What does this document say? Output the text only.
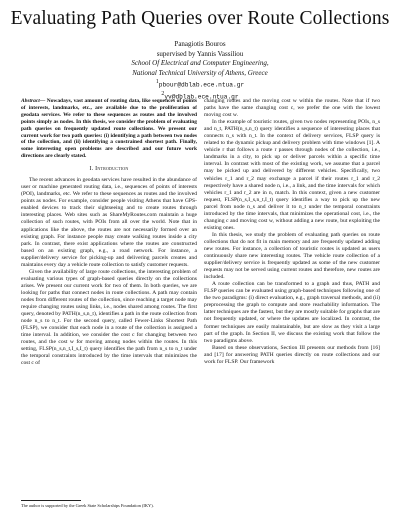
Evaluating Path Queries over Route Collections
Panagiotis Bouros
supervised by Yannis Vassiliou
School Of Electrical and Computer Engineering,
National Technical University of Athens, Greece
$^1$pbour@dblab.ece.ntua.gr
$^2$yv@dblab.ece.ntua.gr

Abstract— Nowadays, vast amount of routing data, like sequences of points of interests, landmarks, etc., are available due to the proliferation of geodata services. We refer to these sequences as routes and the involved points simply as nodes. In this thesis, we consider the problem of evaluating path queries on frequently updated route collections. We present our current work for two path queries: (i) identifying a path between two nodes of the collection, and (ii) identifying a constrained shortest path. Finally, some interesting open problems are described and our future work directions are clearly stated.

I. Introduction

The recent advances in geodata services have resulted in the abundance of user or machine generated routing data, i.e., sequences of points of interests (POI), landmarks, etc. We refer to these sequences as routes and the involved points as nodes. For example, consider people visiting Athens that have GPS-enabled devices to track their sightseeing and to create routes through interesting places. Web sites such as ShareMyRoutes.com maintain a huge collection of such routes, with POIs from all over the world. Note that in applications like the above, the routes are not necessarily formed over an existing graph. For instance people may create walking routes inside a city park. In contrast, there exist applications where the routes are constructed based on an existing graph, e.g., a road network. For instance, a supplier/delivery service for picking-up and delivering parcels creates and maintains every day a vehicle route collection to satisfy customer requests.

Given the availability of large route collections, the interesting problem of evaluating various types of graph-based queries directly on the collections arises. We present our current work for two of them. In both queries, we are looking for paths that connect nodes in route collections. A path may contain nodes from different routes of the collection, since reaching a target node may require changing routes using links, i.e., nodes shared among routes. The first query, denoted by PATH(n_s,n_t), identifies a path in the route collection from node n_s to n_t. For the second query, called Fewer-Links Shortest Path (FLSP), we consider that each node in a route of the collection is assigned a time interval. In addition, we consider the cost c for changing between two routes, and the cost w for moving among nodes within the routes. In this setting, FLSP(n_s,n_t,I_s,I_t) query identifies the path from n_s to n_t under the temporal constraints introduced by the time intervals that minimizes the cost c of

changing routes and the moving cost w within the routes. Note that if two paths have the same changing cost c, we prefer the one with the lowest moving cost w.

In the example of touristic routes, given two nodes representing POIs, n_s and n_t, PATH(n_s,n_t) query identifies a sequence of interesting places that connects n_s with n_t. In the context of delivery services, FLSP query is related to the dynamic pickup and delivery problem with time windows [1]. A vehicle r that follows a route r passes through nodes of the collection, i.e., landmarks in a city, to pick up or deliver parcels within a specific time interval. In contrast with most of the existing work, we assume that a parcel may be picked up and delivered by different vehicles. Specifically, two vehicles r_1 and r_2 may exchange a parcel if their routes r_1 and r_2 respectively have a shared node n, i.e., a link, and the time intervals for which vehicles r_1 and r_2 are in n, match. In this context, given a new customer request, FLSP(n_s,I_s,n_t,I_t) query identifies a way to pick up the new parcel from node n_s and deliver it to n_t under the temporal constraints introduced by the time intervals, that minimizes the operational cost, i.e., the changing c and moving cost w, without adding a new route, but exploiting the existing ones.

In this thesis, we study the problem of evaluating path queries on route collections that do not fit in main memory and are frequently updated adding new routes. For instance, a collection of touristic routes is updated as users continuously share new interesting routes. The vehicle route collection of a supplier/delivery service is frequently updated as some of the new customer requests may not be served using current routes and therefore, new routes are included.

A route collection can be transformed to a graph and thus, PATH and FLSP queries can be evaluated using graph-based techniques following one of the two paradigms: (i) direct evaluation, e.g., graph traversal methods, and (ii) preprocessing the graph to compute and store reachability information. The latter techniques are the fastest, but they are mostly suitable for graphs that are not frequently updated, or where the updates are localized. In contrast, the former techniques are easily maintainable, but are slow as they visit a large part of the graph. In Section II, we discuss the existing work that follow the two paradigms above.

Based on these observations, Section III presents our methods from [16] and [17] for answering PATH queries directly on route collections and our work for FLSP. Our framework

The author is supported by the Greek State Scholarships Foundation (IKY).
